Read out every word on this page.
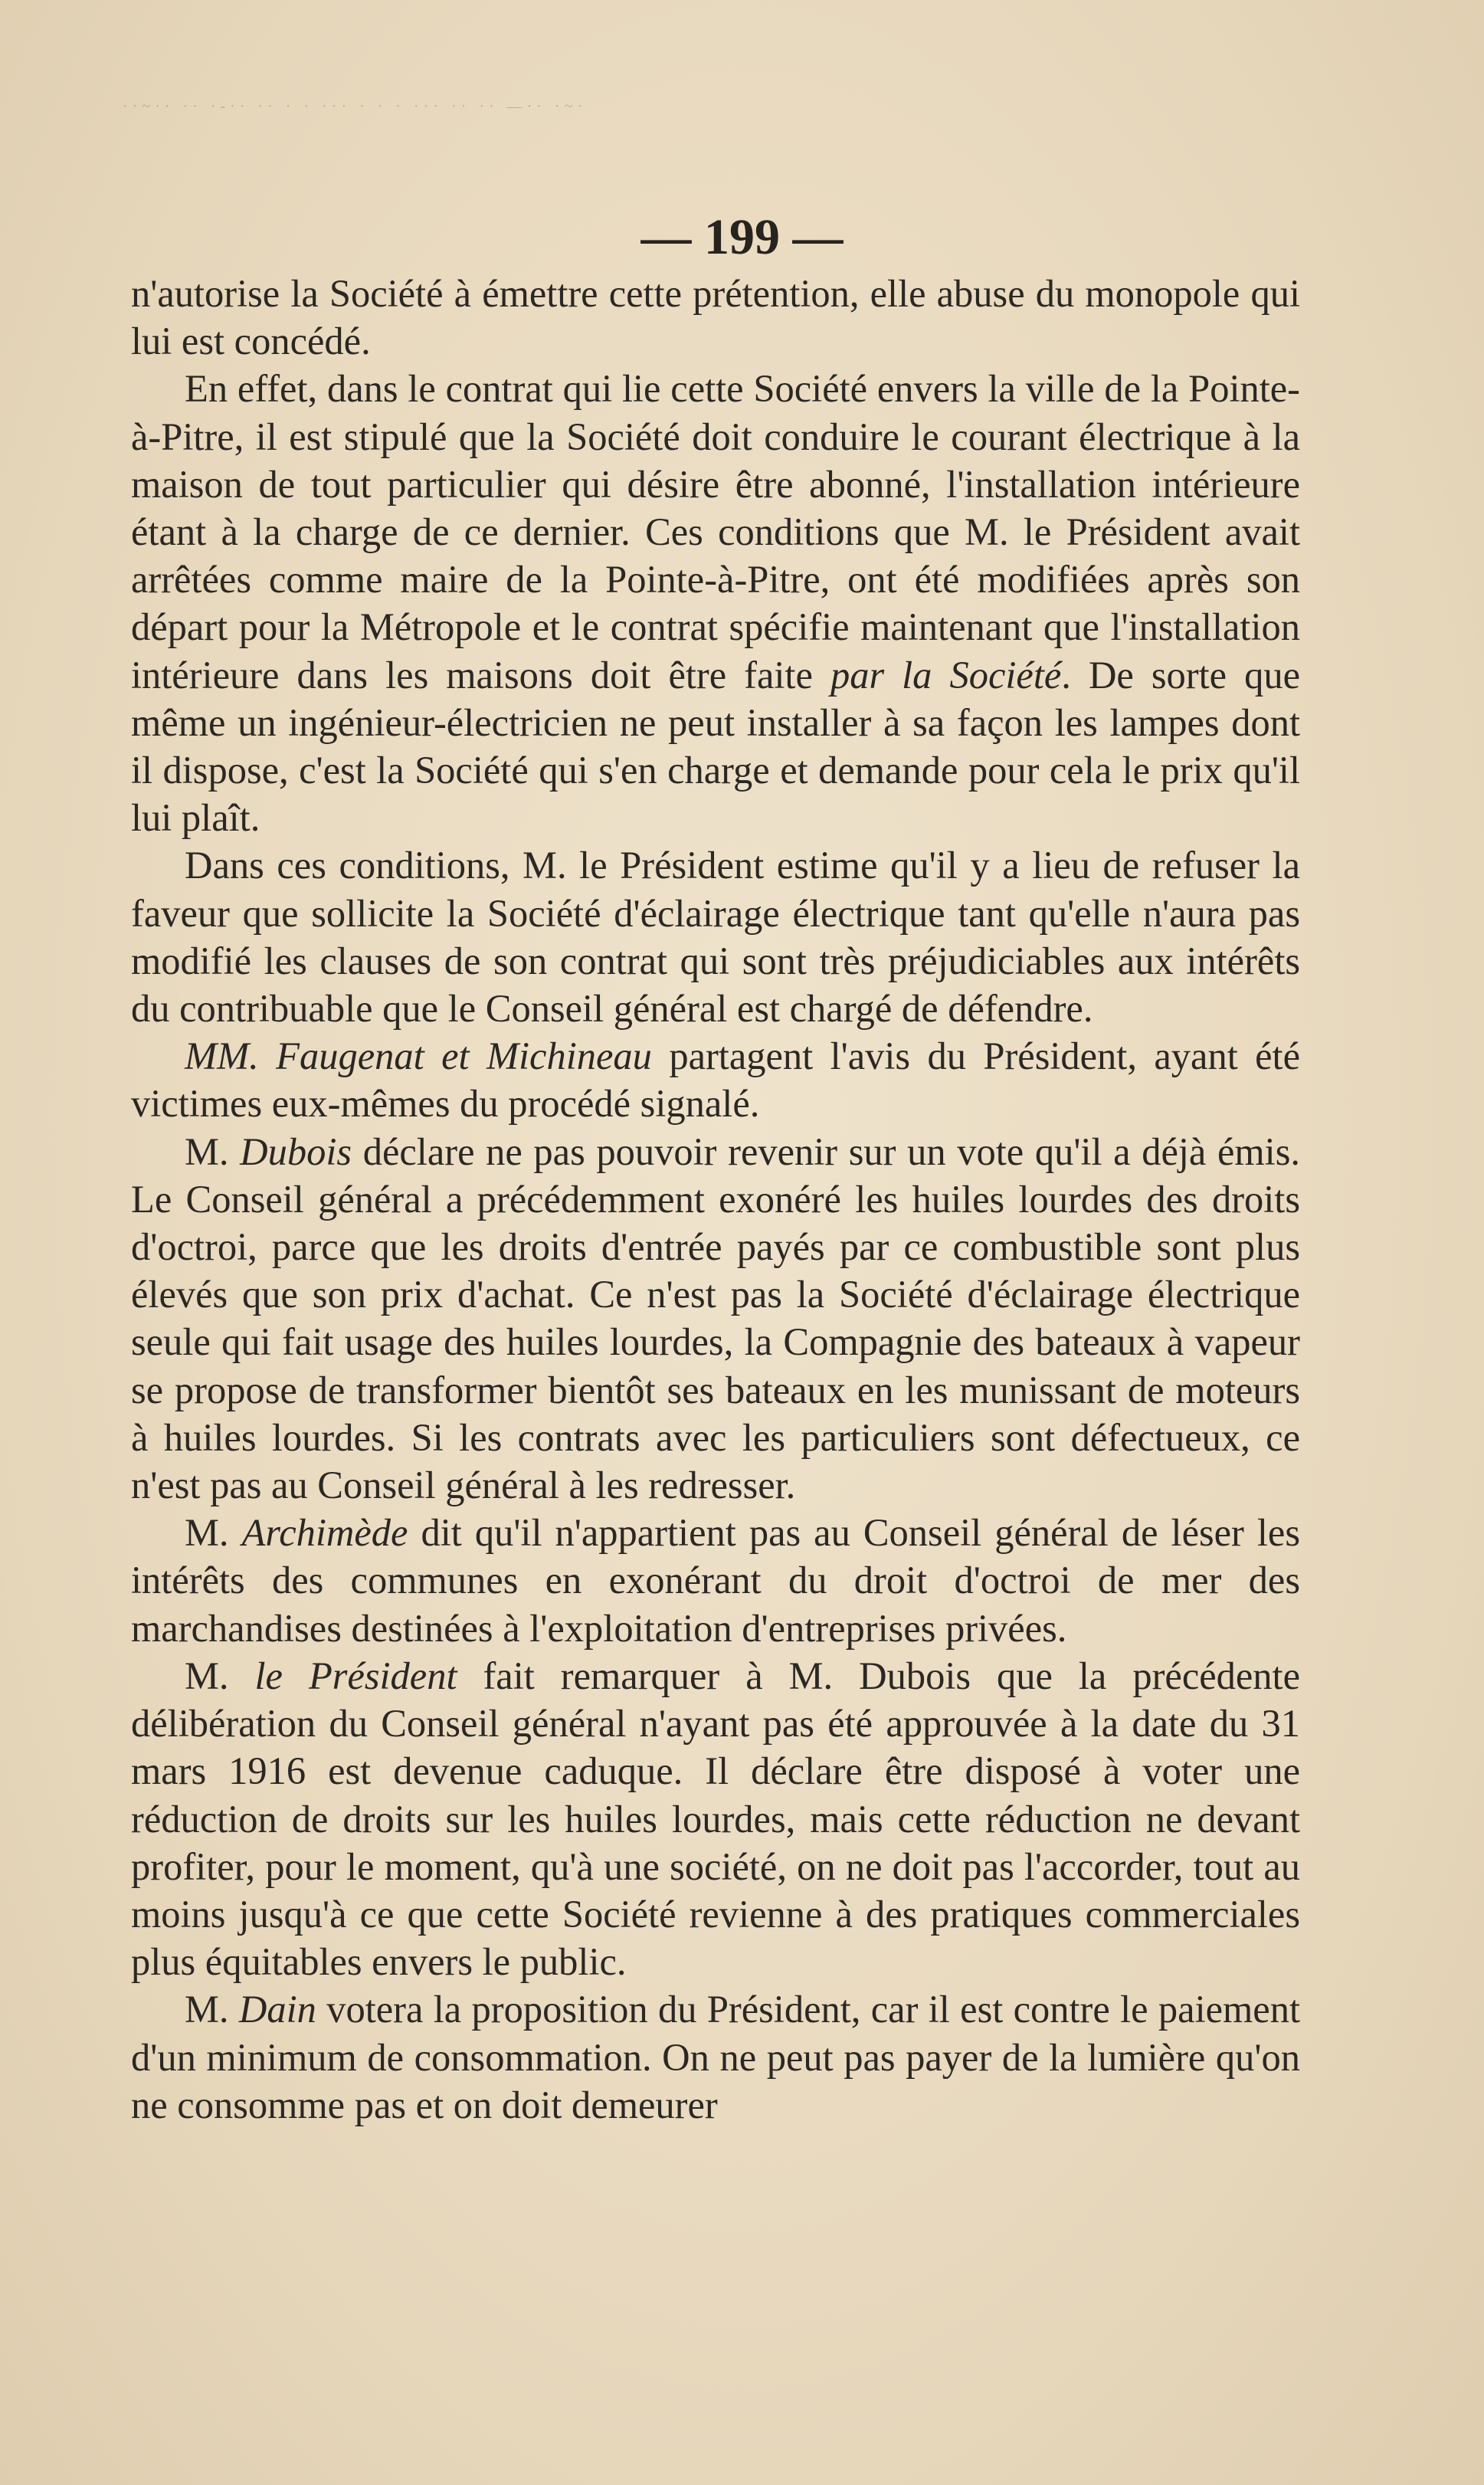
··~·· ·· ·-·· ·· · · ··· · · · ··· ·· ·· —·· ·~·
— 199 —

n'autorise la Société à émettre cette prétention, elle abuse du monopole qui lui est concédé.

En effet, dans le contrat qui lie cette Société envers la ville de la Pointe-à-Pitre, il est stipulé que la Société doit conduire le courant électrique à la maison de tout particulier qui désire être abonné, l'installation intérieure étant à la charge de ce dernier. Ces conditions que M. le Président avait arrêtées comme maire de la Pointe-à-Pitre, ont été modifiées après son départ pour la Métropole et le contrat spécifie maintenant que l'installation intérieure dans les maisons doit être faite par la Société. De sorte que même un ingénieur-électricien ne peut installer à sa façon les lampes dont il dispose, c'est la Société qui s'en charge et demande pour cela le prix qu'il lui plaît.

Dans ces conditions, M. le Président estime qu'il y a lieu de refuser la faveur que sollicite la Société d'éclairage électrique tant qu'elle n'aura pas modifié les clauses de son contrat qui sont très préjudiciables aux intérêts du contribuable que le Conseil général est chargé de défendre.

MM. Faugenat et Michineau partagent l'avis du Président, ayant été victimes eux-mêmes du procédé signalé.

M. Dubois déclare ne pas pouvoir revenir sur un vote qu'il a déjà émis. Le Conseil général a précédemment exonéré les huiles lourdes des droits d'octroi, parce que les droits d'entrée payés par ce combustible sont plus élevés que son prix d'achat. Ce n'est pas la Société d'éclairage électrique seule qui fait usage des huiles lourdes, la Compagnie des bateaux à vapeur se propose de transformer bientôt ses bateaux en les munissant de moteurs à huiles lourdes. Si les contrats avec les particuliers sont défectueux, ce n'est pas au Conseil général à les redresser.

M. Archimède dit qu'il n'appartient pas au Conseil général de léser les intérêts des communes en exonérant du droit d'octroi de mer des marchandises destinées à l'exploitation d'entreprises privées.

M. le Président fait remarquer à M. Dubois que la précédente délibération du Conseil général n'ayant pas été approuvée à la date du 31 mars 1916 est devenue caduque. Il déclare être disposé à voter une réduction de droits sur les huiles lourdes, mais cette réduction ne devant profiter, pour le moment, qu'à une société, on ne doit pas l'accorder, tout au moins jusqu'à ce que cette Société revienne à des pratiques commerciales plus équitables envers le public.

M. Dain votera la proposition du Président, car il est contre le paiement d'un minimum de consommation. On ne peut pas payer de la lumière qu'on ne consomme pas et on doit demeurer
